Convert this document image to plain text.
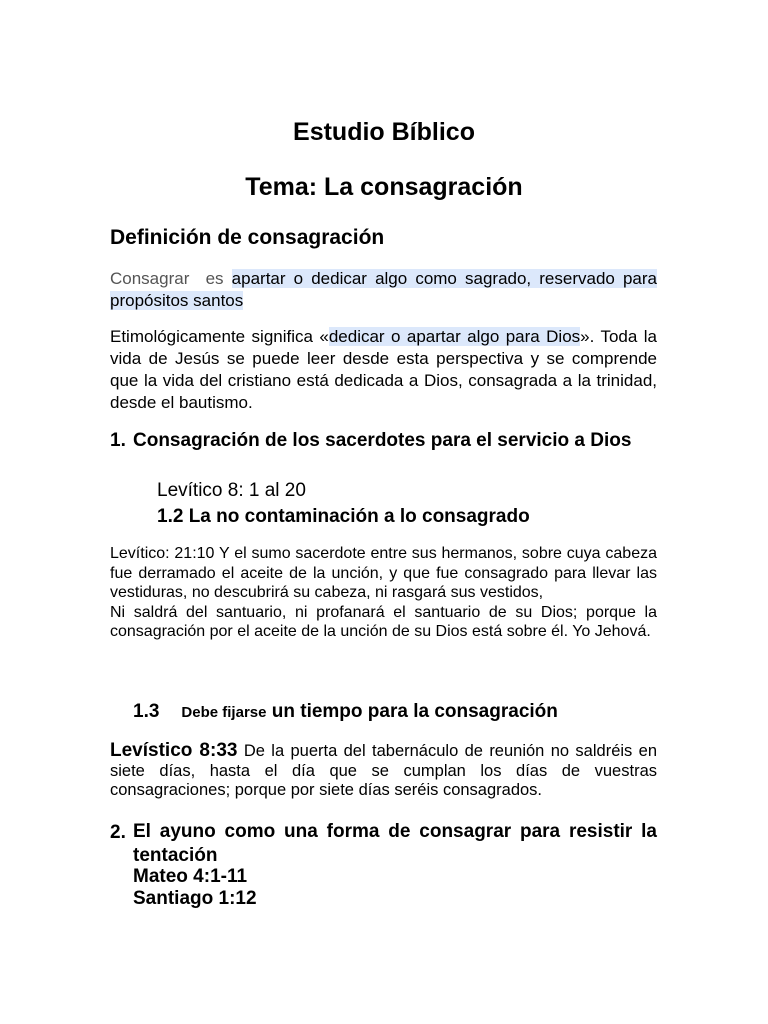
Estudio Bíblico
Tema: La consagración
Definición de consagración
Consagrar es apartar o dedicar algo como sagrado, reservado para propósitos santos
Etimológicamente significa «dedicar o apartar algo para Dios». Toda la vida de Jesús se puede leer desde esta perspectiva y se comprende que la vida del cristiano está dedicada a Dios, consagrada a la trinidad, desde el bautismo.
1. Consagración de los sacerdotes para el servicio a Dios
Levítico 8: 1 al 20
1.2 La no contaminación a lo consagrado
Levítico: 21:10 Y el sumo sacerdote entre sus hermanos, sobre cuya cabeza fue derramado el aceite de la unción, y que fue consagrado para llevar las vestiduras, no descubrirá su cabeza, ni rasgará sus vestidos,
Ni saldrá del santuario, ni profanará el santuario de su Dios; porque la consagración por el aceite de la unción de su Dios está sobre él. Yo Jehová.
1.3 Debe fijarse un tiempo para la consagración
Levístico 8:33 De la puerta del tabernáculo de reunión no saldréis en siete días, hasta el día que se cumplan los días de vuestras consagraciones; porque por siete días seréis consagrados.
2. El ayuno como una forma de consagrar para resistir la tentación
Mateo 4:1-11
Santiago 1:12
